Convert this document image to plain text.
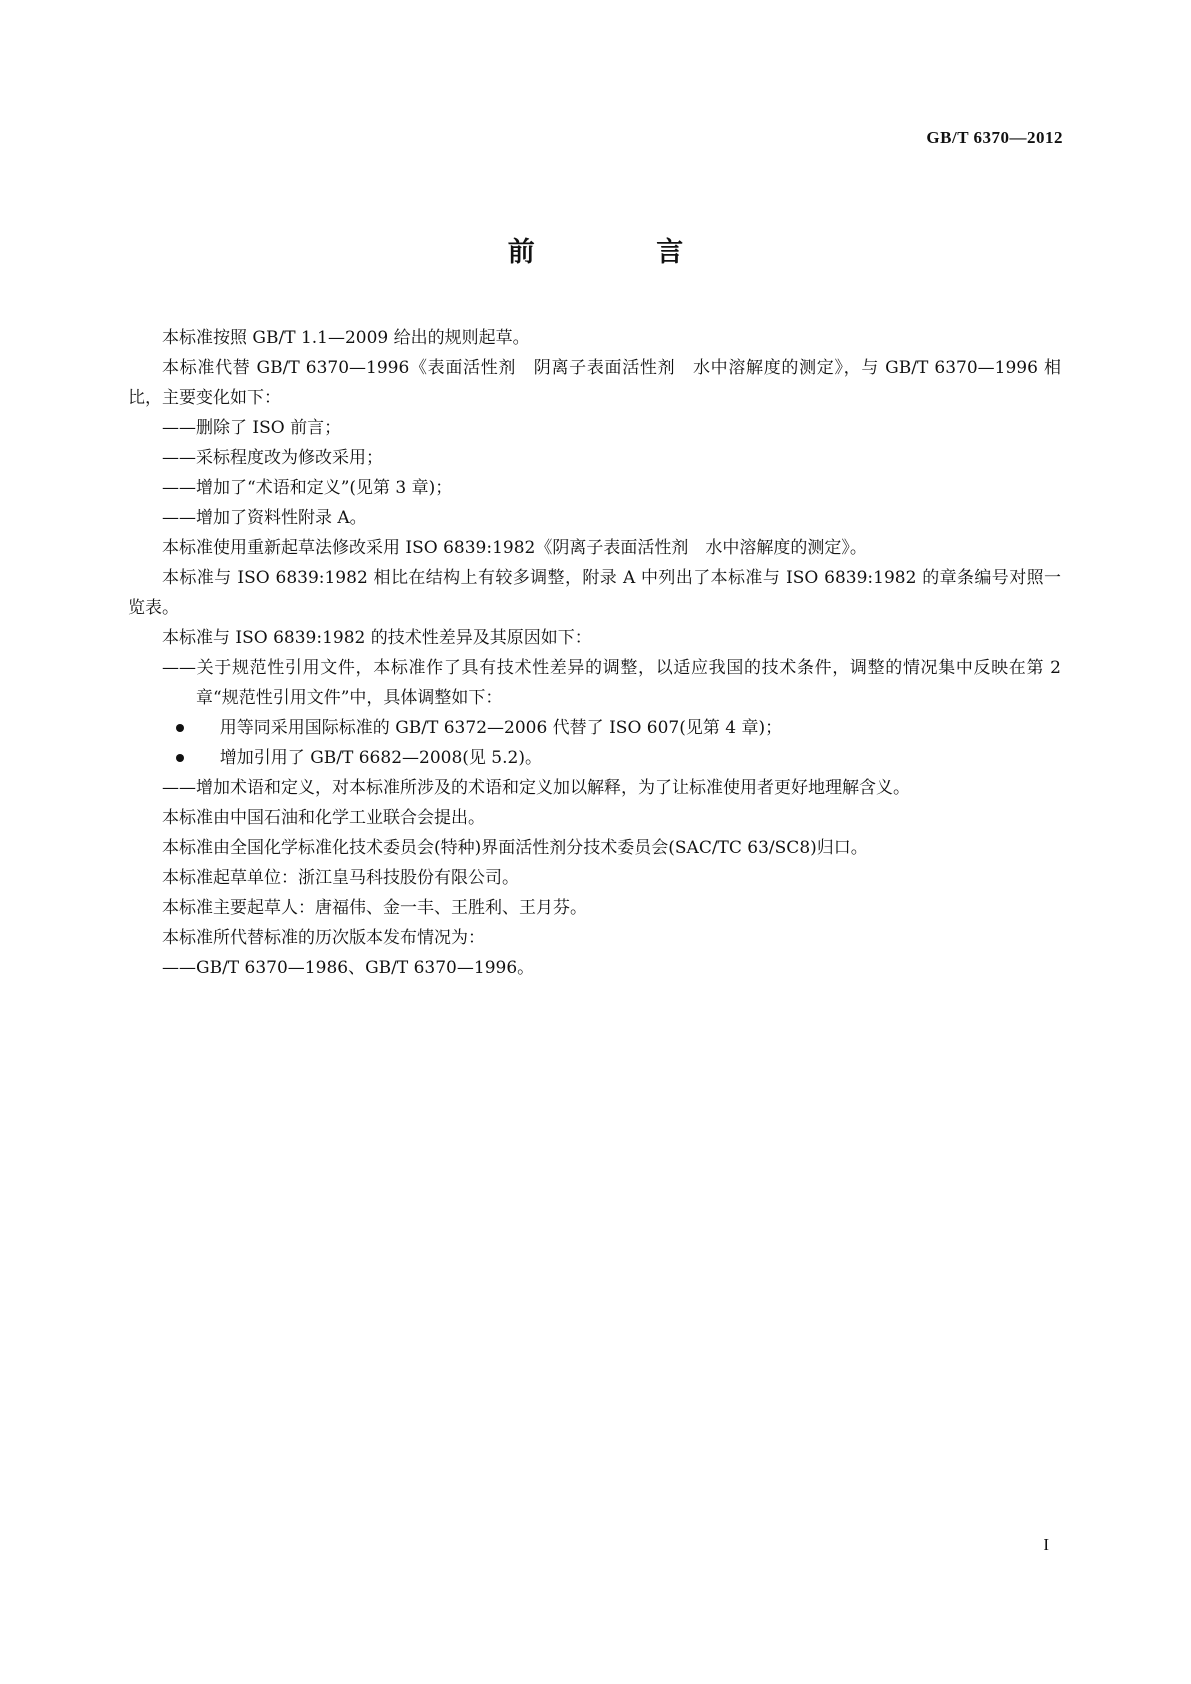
GB/T 6370—2012
前 言

本标准按照 GB/T 1.1—2009 给出的规则起草。

本标准代替 GB/T 6370—1996《表面活性剂　阴离子表面活性剂　水中溶解度的测定》，与 GB/T 6370—1996 相比，主要变化如下：

——删除了 ISO 前言；

——采标程度改为修改采用；

——增加了“术语和定义”(见第 3 章)；

——增加了资料性附录 A。

本标准使用重新起草法修改采用 ISO 6839:1982《阴离子表面活性剂　水中溶解度的测定》。

本标准与 ISO 6839:1982 相比在结构上有较多调整，附录 A 中列出了本标准与 ISO 6839:1982 的章条编号对照一览表。

本标准与 ISO 6839:1982 的技术性差异及其原因如下：

——关于规范性引用文件，本标准作了具有技术性差异的调整，以适应我国的技术条件，调整的情况集中反映在第 2 章“规范性引用文件”中，具体调整如下：

用等同采用国际标准的 GB/T 6372—2006 代替了 ISO 607(见第 4 章)；

增加引用了 GB/T 6682—2008(见 5.2)。

——增加术语和定义，对本标准所涉及的术语和定义加以解释，为了让标准使用者更好地理解含义。

本标准由中国石油和化学工业联合会提出。

本标准由全国化学标准化技术委员会(特种)界面活性剂分技术委员会(SAC/TC 63/SC8)归口。

本标准起草单位：浙江皇马科技股份有限公司。

本标准主要起草人：唐福伟、金一丰、王胜利、王月芬。

本标准所代替标准的历次版本发布情况为：

——GB/T 6370—1986、GB/T 6370—1996。

I
